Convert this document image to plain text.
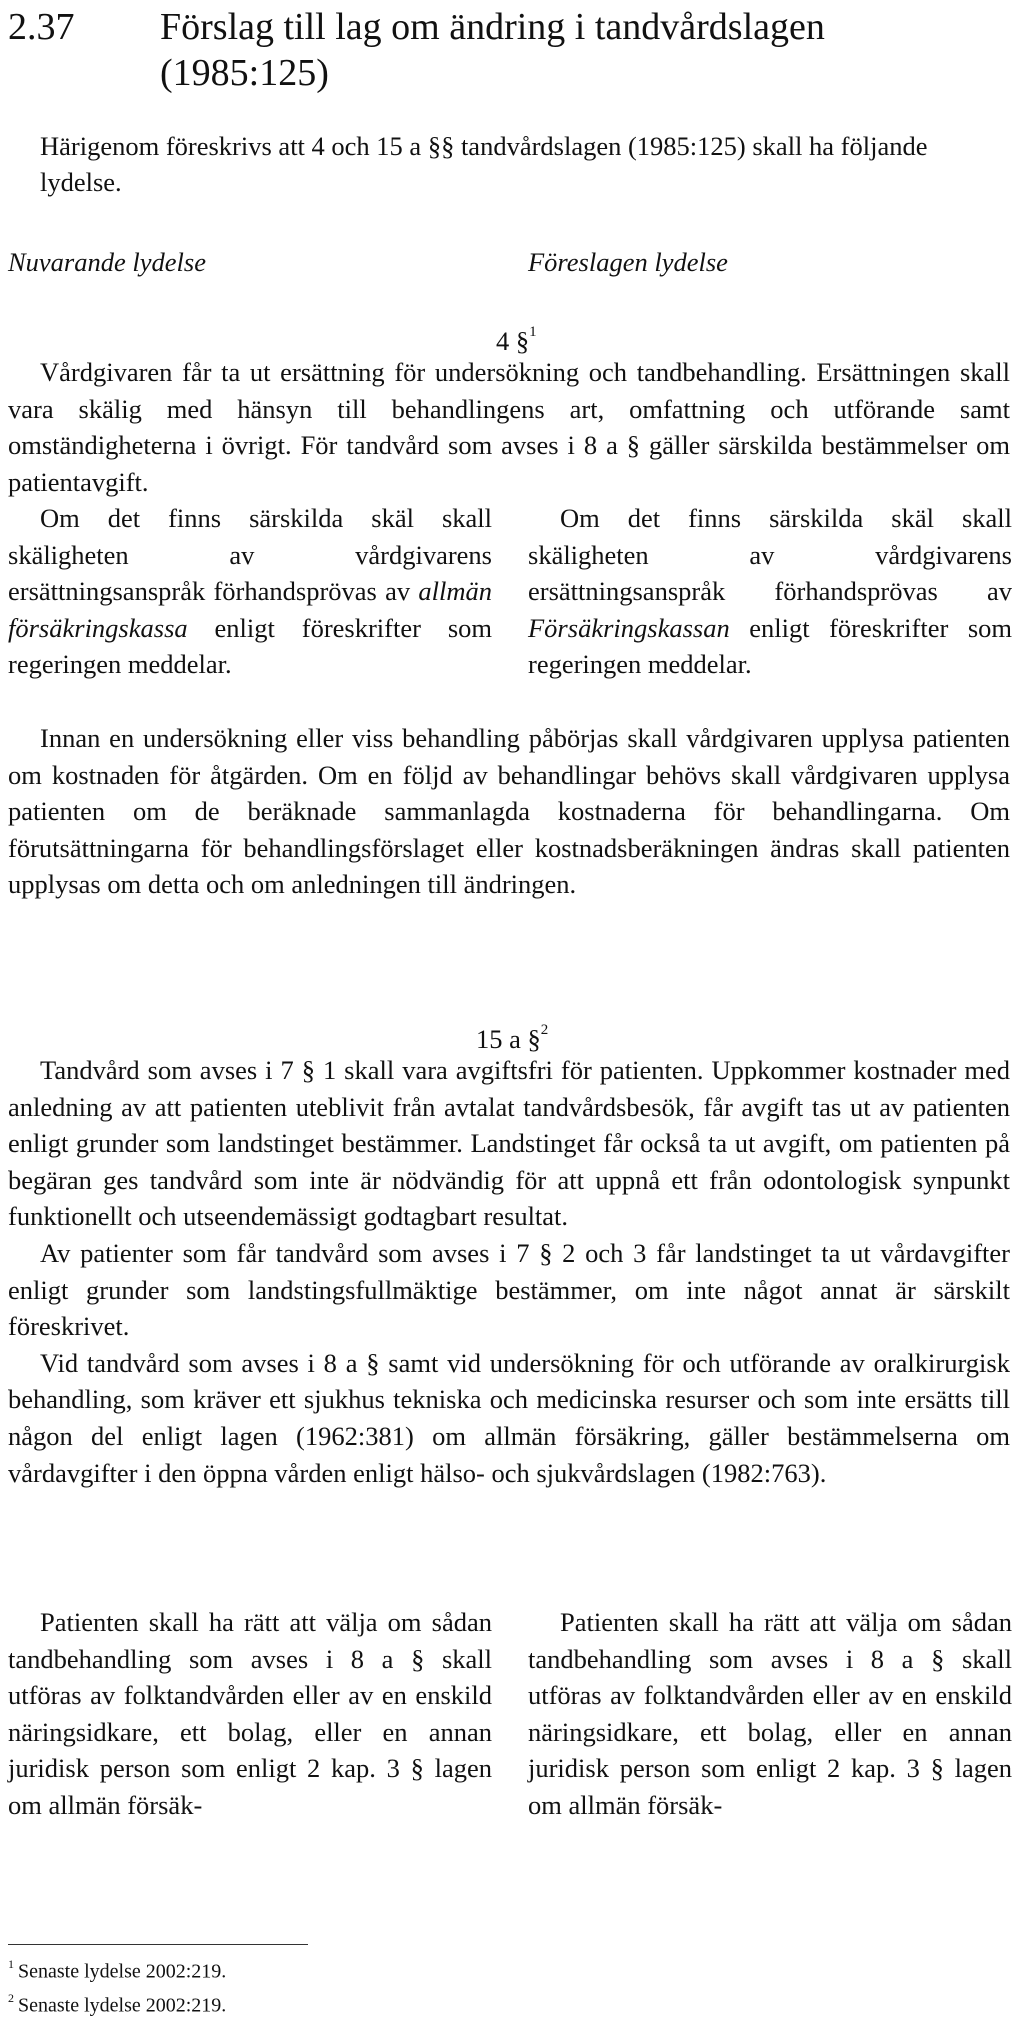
2.37 Förslag till lag om ändring i tandvårdslagen (1985:125)
Härigenom föreskrivs att 4 och 15 a §§ tandvårdslagen (1985:125) skall ha följande lydelse.
Nuvarande lydelse	Föreslagen lydelse
4 §$^1$

Vårdgivaren får ta ut ersättning för undersökning och tandbehandling. Ersättningen skall vara skälig med hänsyn till behandlingens art, omfattning och utförande samt omständigheterna i övrigt. För tandvård som avses i 8 a § gäller särskilda bestämmelser om patientavgift.

Om det finns särskilda skäl skall skäligheten av vårdgivarens ersättningsanspråk förhandsprövas av allmän försäkringskassa enligt föreskrifter som regeringen meddelar.

Om det finns särskilda skäl skall skäligheten av vårdgivarens ersättningsanspråk förhandsprövas av Försäkringskassan enligt föreskrifter som regeringen meddelar.

Innan en undersökning eller viss behandling påbörjas skall vårdgivaren upplysa patienten om kostnaden för åtgärden. Om en följd av behandlingar behövs skall vårdgivaren upplysa patienten om de beräknade sammanlagda kostnaderna för behandlingarna. Om förutsättningarna för behandlingsförslaget eller kostnadsberäkningen ändras skall patienten upplysas om detta och om anledningen till ändringen.

15 a §$^2$

Tandvård som avses i 7 § 1 skall vara avgiftsfri för patienten. Uppkommer kostnader med anledning av att patienten uteblivit från avtalat tandvårdsbesök, får avgift tas ut av patienten enligt grunder som landstinget bestämmer. Landstinget får också ta ut avgift, om patienten på begäran ges tandvård som inte är nödvändig för att uppnå ett från odontologisk synpunkt funktionellt och utseendemässigt godtagbart resultat.

Av patienter som får tandvård som avses i 7 § 2 och 3 får landstinget ta ut vårdavgifter enligt grunder som landstingsfullmäktige bestämmer, om inte något annat är särskilt föreskrivet.

Vid tandvård som avses i 8 a § samt vid undersökning för och utförande av oralkirurgisk behandling, som kräver ett sjukhus tekniska och medicinska resurser och som inte ersätts till någon del enligt lagen (1962:381) om allmän försäkring, gäller bestämmelserna om vårdavgifter i den öppna vården enligt hälso- och sjukvårdslagen (1982:763).

Patienten skall ha rätt att välja om sådan tandbehandling som avses i 8 a § skall utföras av folktandvården eller av en enskild näringsidkare, ett bolag, eller en annan juridisk person som enligt 2 kap. 3 § lagen om allmän försäk-

Patienten skall ha rätt att välja om sådan tandbehandling som avses i 8 a § skall utföras av folktandvården eller av en enskild näringsidkare, ett bolag, eller en annan juridisk person som enligt 2 kap. 3 § lagen om allmän försäk-

$^1$ Senaste lydelse 2002:219.
$^2$ Senaste lydelse 2002:219.
